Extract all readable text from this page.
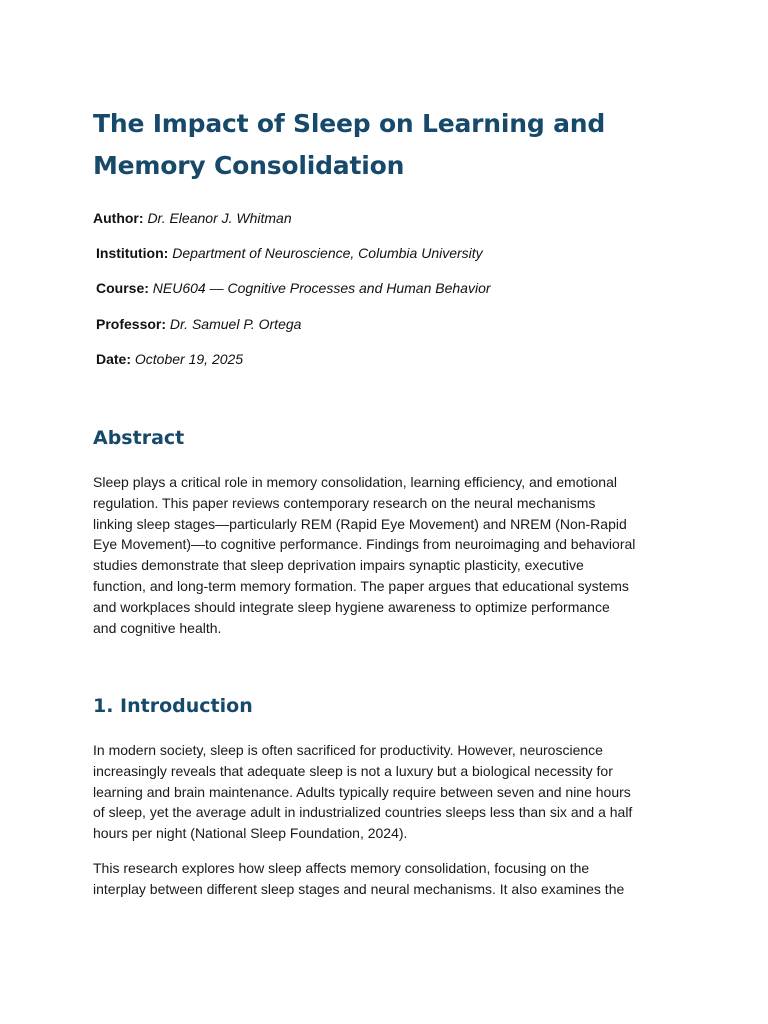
The Impact of Sleep on Learning and
Memory Consolidation
Author: Dr. Eleanor J. Whitman
Institution: Department of Neuroscience, Columbia University
Course: NEU604 — Cognitive Processes and Human Behavior
Professor: Dr. Samuel P. Ortega
Date: October 19, 2025
Abstract

Sleep plays a critical role in memory consolidation, learning efficiency, and emotional
regulation. This paper reviews contemporary research on the neural mechanisms
linking sleep stages—particularly REM (Rapid Eye Movement) and NREM (Non-Rapid
Eye Movement)—to cognitive performance. Findings from neuroimaging and behavioral
studies demonstrate that sleep deprivation impairs synaptic plasticity, executive
function, and long-term memory formation. The paper argues that educational systems
and workplaces should integrate sleep hygiene awareness to optimize performance
and cognitive health.

1. Introduction

In modern society, sleep is often sacrificed for productivity. However, neuroscience
increasingly reveals that adequate sleep is not a luxury but a biological necessity for
learning and brain maintenance. Adults typically require between seven and nine hours
of sleep, yet the average adult in industrialized countries sleeps less than six and a half
hours per night (National Sleep Foundation, 2024).

This research explores how sleep affects memory consolidation, focusing on the
interplay between different sleep stages and neural mechanisms. It also examines the
